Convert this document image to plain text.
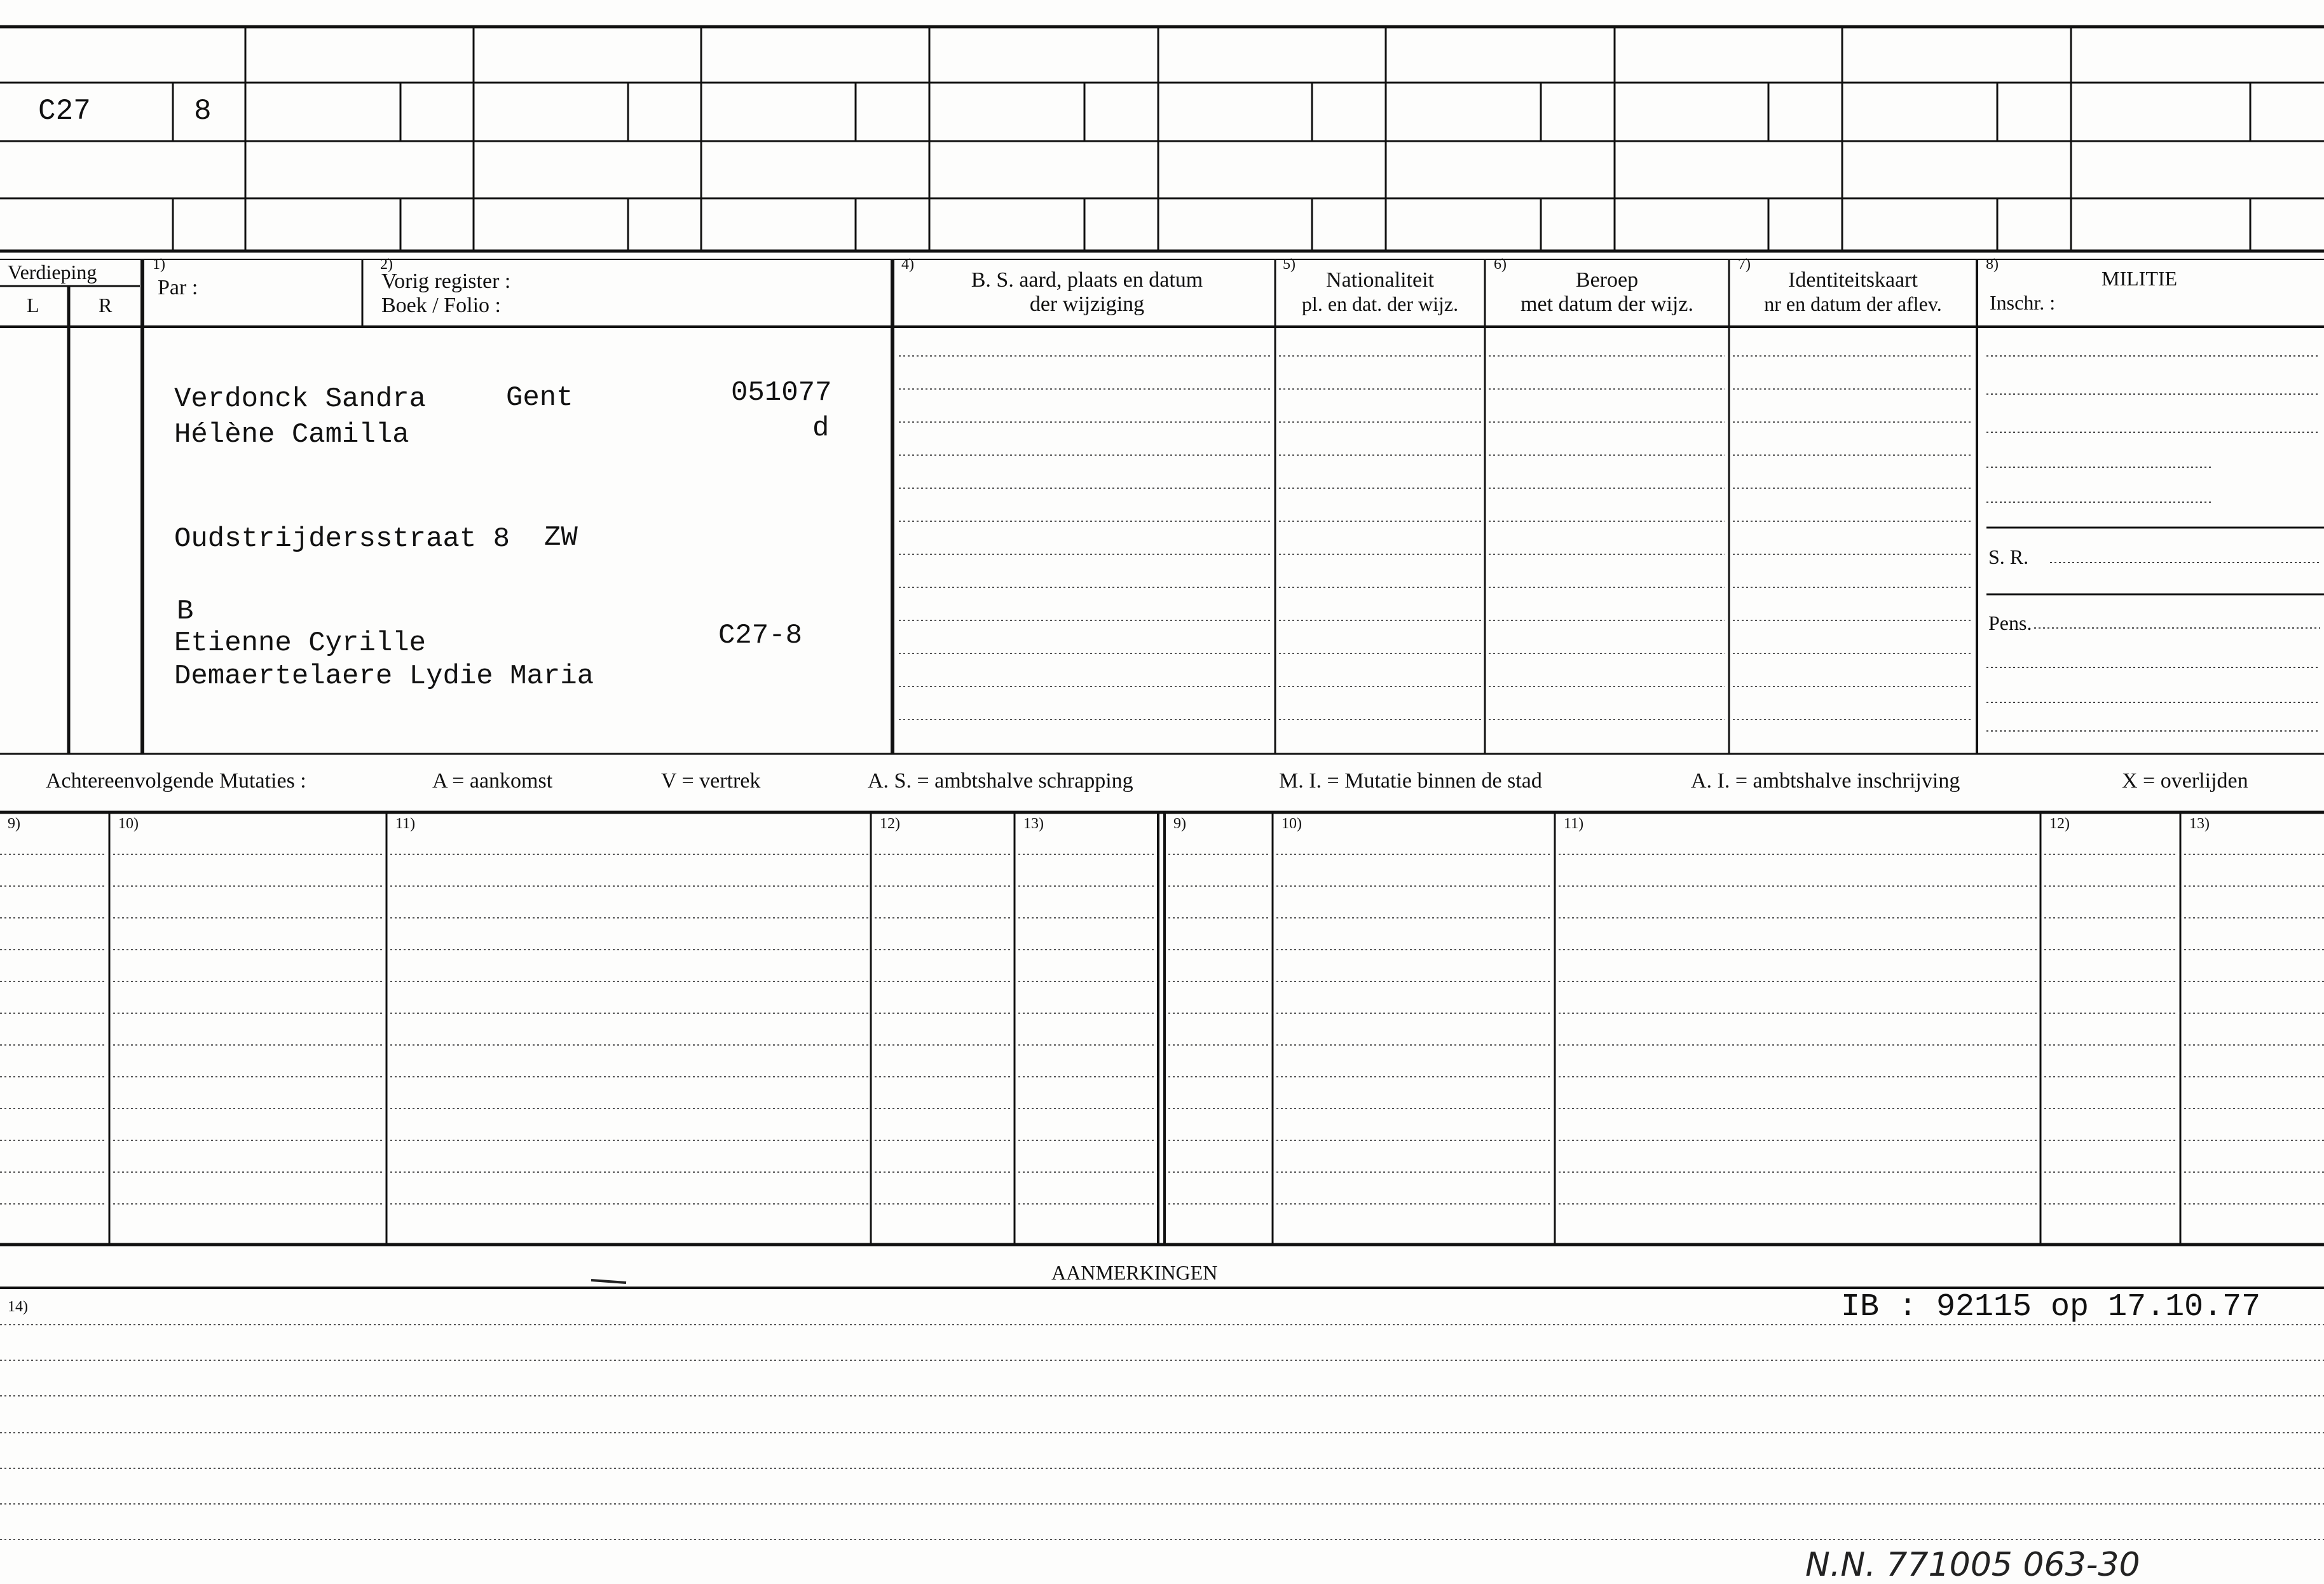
C27	8
Verdieping
L	R
1)
Par :
2)
Vorig register :
Boek / Folio :
4)
B. S. aard, plaats en datum
der wijziging
5)
Nationaliteit
pl. en dat. der wijz.
6)
Beroep
met datum der wijz.
7)
Identiteitskaart
nr en datum der aflev.
8)
MILITIE
Inschr. :
S. R.
Pens.
Verdonck Sandra
Hélène Camilla
Gent	051077
d
Oudstrijdersstraat 8 ZW
B
Etienne Cyrille	C27-8
Demaertelaere Lydie Maria
Achtereenvolgende Mutaties :	A = aankomst	V = vertrek	A. S. = ambtshalve schrapping	M. I. = Mutatie binnen de stad	A. I. = ambtshalve inschrijving	X = overlijden
9)	10)	11)	12)	13)	9)	10)	11)	12)	13)
AANMERKINGEN
14)	IB : 92115 op 17.10.77
N.N. 771005 063-30
